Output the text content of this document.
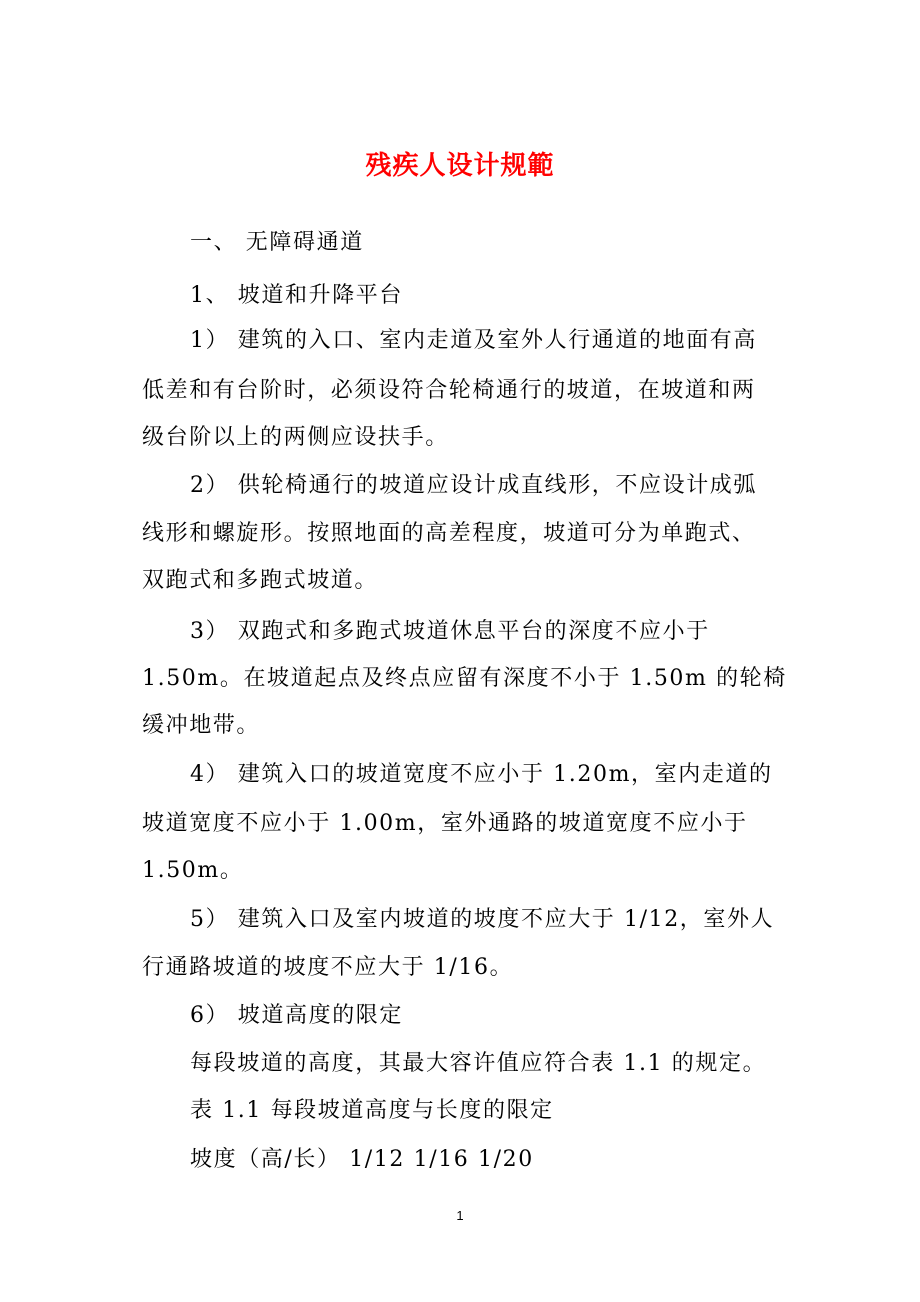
残疾人设计规範
一、 无障碍通道
1、 坡道和升降平台
1） 建筑的入口、室内走道及室外人行通道的地面有高
低差和有台阶时，必须设符合轮椅通行的坡道，在坡道和两
级台阶以上的两侧应设扶手。
2） 供轮椅通行的坡道应设计成直线形，不应设计成弧
线形和螺旋形。按照地面的高差程度，坡道可分为单跑式、
双跑式和多跑式坡道。
3） 双跑式和多跑式坡道休息平台的深度不应小于
1.50m。在坡道起点及终点应留有深度不小于 1.50m 的轮椅
缓冲地带。
4） 建筑入口的坡道宽度不应小于 1.20m，室内走道的
坡道宽度不应小于 1.00m，室外通路的坡道宽度不应小于
1.50m。
5） 建筑入口及室内坡道的坡度不应大于 1/12，室外人
行通路坡道的坡度不应大于 1/16。
6） 坡道高度的限定
每段坡道的高度，其最大容许值应符合表 1.1 的规定。
表 1.1 每段坡道高度与长度的限定
坡度（高/长） 1/12 1/16 1/20
1
